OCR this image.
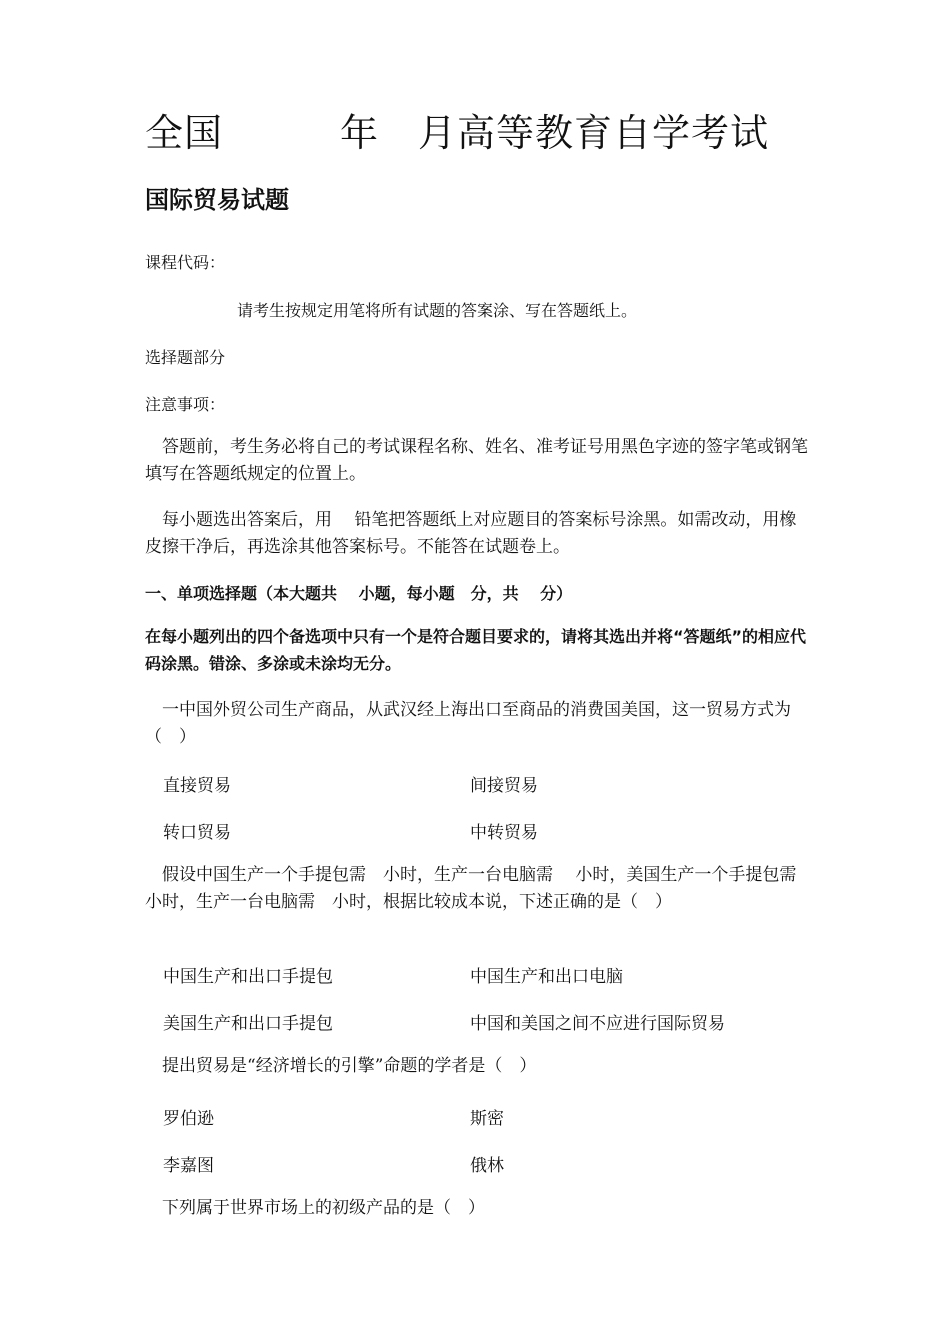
全国　　　年　月高等教育自学考试
国际贸易试题
课程代码：
请考生按规定用笔将所有试题的答案涂、写在答题纸上。
选择题部分
注意事项：
　答题前，考生务必将自己的考试课程名称、姓名、准考证号用黑色字迹的签字笔或钢笔填写在答题纸规定的位置上。
　每小题选出答案后，用　 铅笔把答题纸上对应题目的答案标号涂黑。如需改动，用橡皮擦干净后，再选涂其他答案标号。不能答在试题卷上。
一、单项选择题（本大题共　 小题，每小题　分，共　 分）
在每小题列出的四个备选项中只有一个是符合题目要求的，请将其选出并将“答题纸”的相应代码涂黑。错涂、多涂或未涂均无分。
　一中国外贸公司生产商品，从武汉经上海出口至商品的消费国美国，这一贸易方式为（　）
直接贸易	间接贸易
转口贸易	中转贸易
　假设中国生产一个手提包需　小时，生产一台电脑需　 小时，美国生产一个手提包需　小时，生产一台电脑需　小时，根据比较成本说，下述正确的是（　）
中国生产和出口手提包	中国生产和出口电脑
美国生产和出口手提包	中国和美国之间不应进行国际贸易
　提出贸易是“经济增长的引擎”命题的学者是（　）
罗伯逊	斯密
李嘉图	俄林
　下列属于世界市场上的初级产品的是（　）
